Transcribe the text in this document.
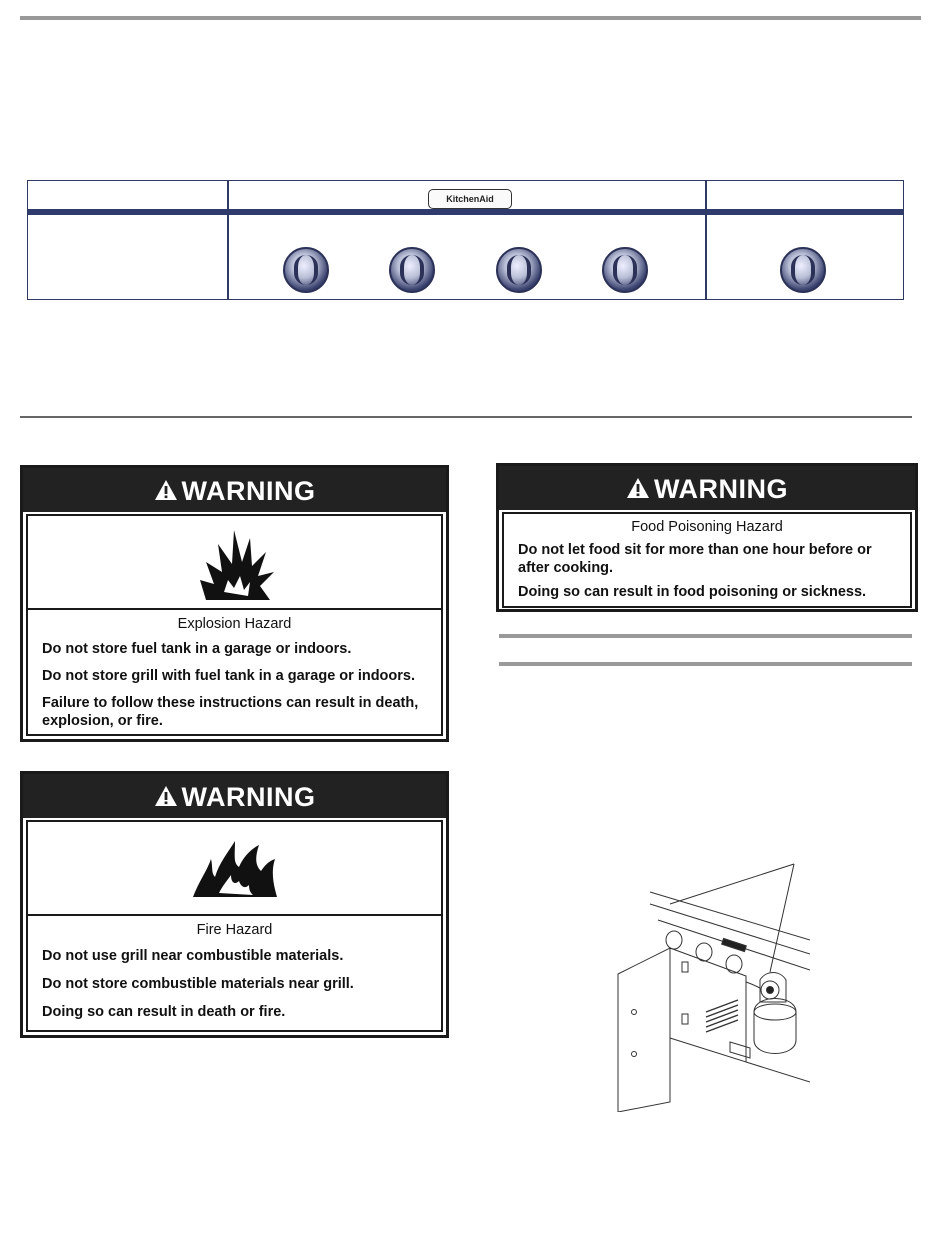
KitchenAid
WARNING
Explosion Hazard

Do not store fuel tank in a garage or indoors.

Do not store grill with fuel tank in a garage or indoors.

Failure to follow these instructions can result in death, explosion, or fire.

WARNING
Fire Hazard

Do not use grill near combustible materials.

Do not store combustible materials near grill.

Doing so can result in death or fire.

WARNING
Food Poisoning Hazard

Do not let food sit for more than one hour before or after cooking.

Doing so can result in food poisoning or sickness.
